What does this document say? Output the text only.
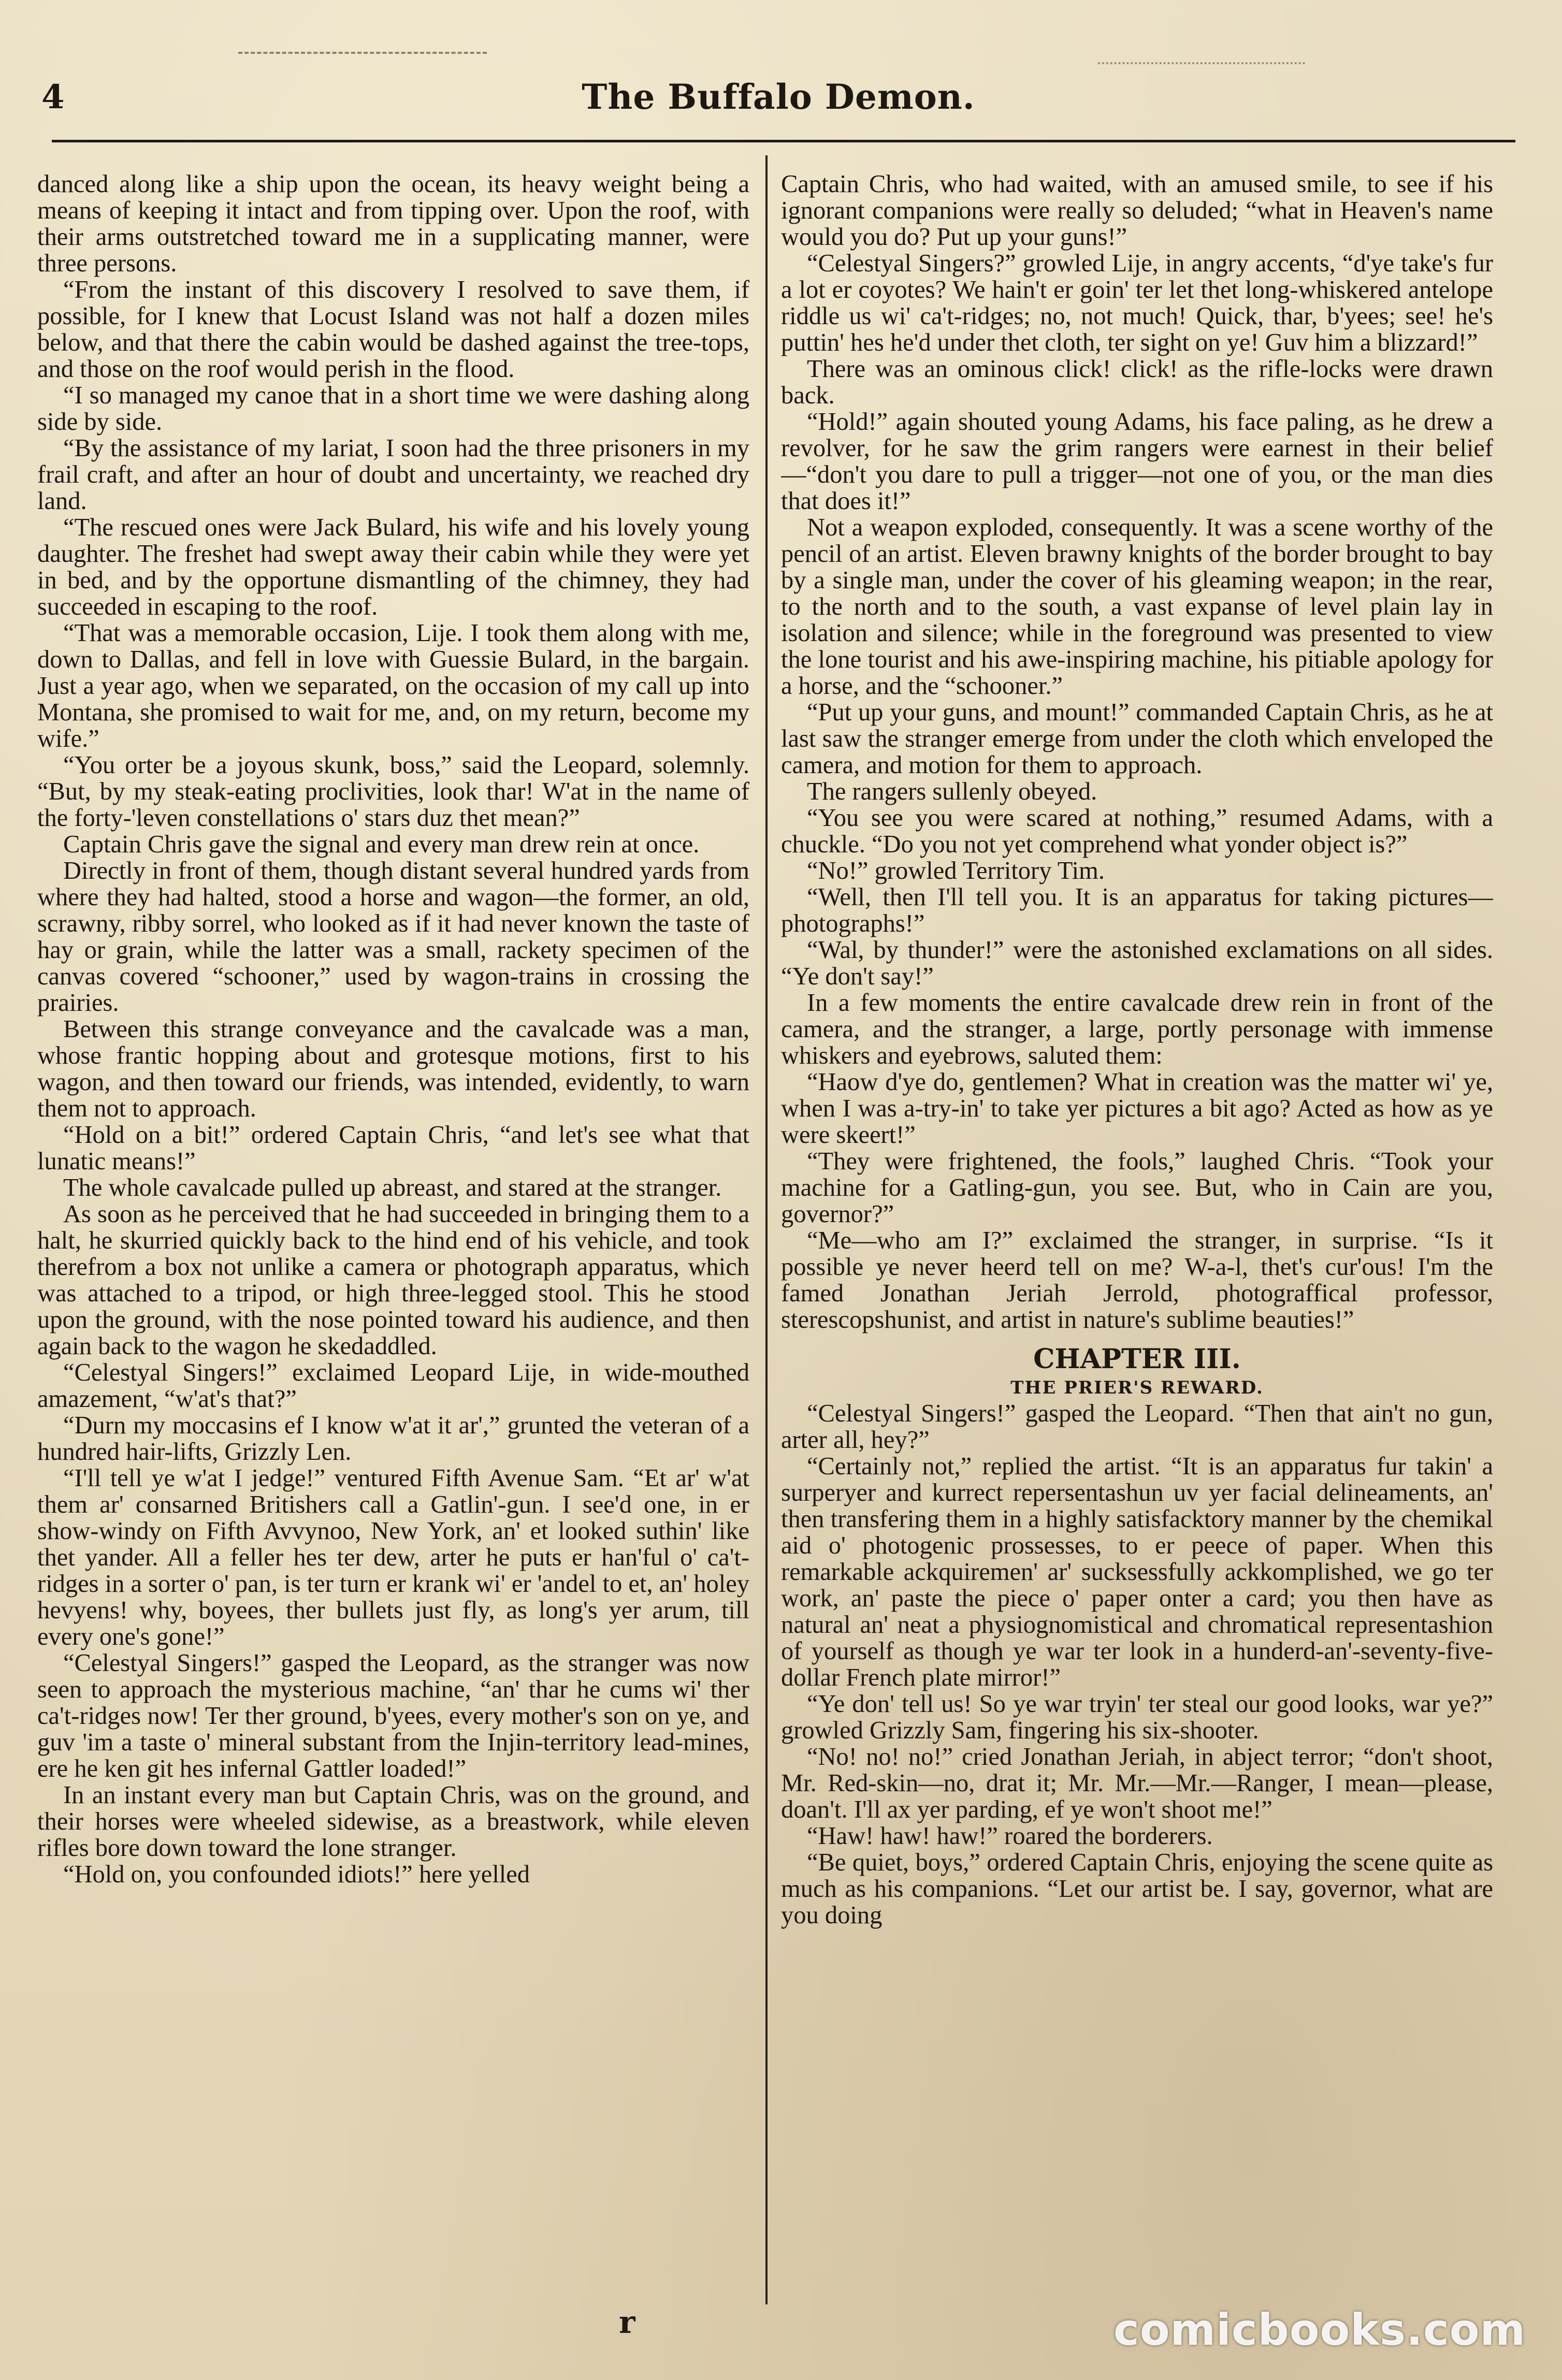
4	The Buffalo Demon.

danced along like a ship upon the ocean, its heavy weight being a means of keeping it intact and from tipping over. Upon the roof, with their arms outstretched toward me in a supplicating manner, were three persons.

“From the instant of this discovery I resolved to save them, if possible, for I knew that Locust Island was not half a dozen miles below, and that there the cabin would be dashed against the tree-tops, and those on the roof would perish in the flood.

“I so managed my canoe that in a short time we were dashing along side by side.

“By the assistance of my lariat, I soon had the three prisoners in my frail craft, and after an hour of doubt and uncertainty, we reached dry land.

“The rescued ones were Jack Bulard, his wife and his lovely young daughter. The freshet had swept away their cabin while they were yet in bed, and by the opportune dismantling of the chimney, they had succeeded in escaping to the roof.

“That was a memorable occasion, Lije. I took them along with me, down to Dallas, and fell in love with Guessie Bulard, in the bargain. Just a year ago, when we separated, on the occasion of my call up into Montana, she promised to wait for me, and, on my return, become my wife.”

“You orter be a joyous skunk, boss,” said the Leopard, solemnly. “But, by my steak-eating proclivities, look thar! W'at in the name of the forty-'leven constellations o' stars duz thet mean?”

Captain Chris gave the signal and every man drew rein at once.

Directly in front of them, though distant several hundred yards from where they had halted, stood a horse and wagon—the former, an old, scrawny, ribby sorrel, who looked as if it had never known the taste of hay or grain, while the latter was a small, rackety specimen of the canvas covered “schooner,” used by wagon-trains in crossing the prairies.

Between this strange conveyance and the cavalcade was a man, whose frantic hopping about and grotesque motions, first to his wagon, and then toward our friends, was intended, evidently, to warn them not to approach.

“Hold on a bit!” ordered Captain Chris, “and let's see what that lunatic means!”

The whole cavalcade pulled up abreast, and stared at the stranger.

As soon as he perceived that he had succeeded in bringing them to a halt, he skurried quickly back to the hind end of his vehicle, and took therefrom a box not unlike a camera or photograph apparatus, which was attached to a tripod, or high three-legged stool. This he stood upon the ground, with the nose pointed toward his audience, and then again back to the wagon he skedaddled.

“Celestyal Singers!” exclaimed Leopard Lije, in wide-mouthed amazement, “w'at's that?”

“Durn my moccasins ef I know w'at it ar',” grunted the veteran of a hundred hair-lifts, Grizzly Len.

“I'll tell ye w'at I jedge!” ventured Fifth Avenue Sam. “Et ar' w'at them ar' consarned Britishers call a Gatlin'-gun. I see'd one, in er show-windy on Fifth Avvynoo, New York, an' et looked suthin' like thet yander. All a feller hes ter dew, arter he puts er han'ful o' ca't-ridges in a sorter o' pan, is ter turn er krank wi' er 'andel to et, an' holey hevyens! why, boyees, ther bullets just fly, as long's yer arum, till every one's gone!”

“Celestyal Singers!” gasped the Leopard, as the stranger was now seen to approach the mysterious machine, “an' thar he cums wi' ther ca't-ridges now! Ter ther ground, b'yees, every mother's son on ye, and guv 'im a taste o' mineral substant from the Injin-territory lead-mines, ere he ken git hes infernal Gattler loaded!”

In an instant every man but Captain Chris, was on the ground, and their horses were wheeled sidewise, as a breastwork, while eleven rifles bore down toward the lone stranger.

“Hold on, you confounded idiots!” here yelled

Captain Chris, who had waited, with an amused smile, to see if his ignorant companions were really so deluded; “what in Heaven's name would you do? Put up your guns!”

“Celestyal Singers?” growled Lije, in angry accents, “d'ye take's fur a lot er coyotes? We hain't er goin' ter let thet long-whiskered antelope riddle us wi' ca't-ridges; no, not much! Quick, thar, b'yees; see! he's puttin' hes he'd under thet cloth, ter sight on ye! Guv him a blizzard!”

There was an ominous click! click! as the rifle-locks were drawn back.

“Hold!” again shouted young Adams, his face paling, as he drew a revolver, for he saw the grim rangers were earnest in their belief—“don't you dare to pull a trigger—not one of you, or the man dies that does it!”

Not a weapon exploded, consequently. It was a scene worthy of the pencil of an artist. Eleven brawny knights of the border brought to bay by a single man, under the cover of his gleaming weapon; in the rear, to the north and to the south, a vast expanse of level plain lay in isolation and silence; while in the foreground was presented to view the lone tourist and his awe-inspiring machine, his pitiable apology for a horse, and the “schooner.”

“Put up your guns, and mount!” commanded Captain Chris, as he at last saw the stranger emerge from under the cloth which enveloped the camera, and motion for them to approach.

The rangers sullenly obeyed.

“You see you were scared at nothing,” resumed Adams, with a chuckle. “Do you not yet comprehend what yonder object is?”

“No!” growled Territory Tim.

“Well, then I'll tell you. It is an apparatus for taking pictures—photographs!”

“Wal, by thunder!” were the astonished exclamations on all sides. “Ye don't say!”

In a few moments the entire cavalcade drew rein in front of the camera, and the stranger, a large, portly personage with immense whiskers and eyebrows, saluted them:

“Haow d'ye do, gentlemen? What in creation was the matter wi' ye, when I was a-try-in' to take yer pictures a bit ago? Acted as how as ye were skeert!”

“They were frightened, the fools,” laughed Chris. “Took your machine for a Gatling-gun, you see. But, who in Cain are you, governor?”

“Me—who am I?” exclaimed the stranger, in surprise. “Is it possible ye never heerd tell on me? W-a-l, thet's cur'ous! I'm the famed Jonathan Jeriah Jerrold, photograffical professor, sterescopshunist, and artist in nature's sublime beauties!”

CHAPTER III.
THE PRIER'S REWARD.

“Celestyal Singers!” gasped the Leopard. “Then that ain't no gun, arter all, hey?”

“Certainly not,” replied the artist. “It is an apparatus fur takin' a surperyer and kurrect repersentashun uv yer facial delineaments, an' then transfering them in a highly satisfacktory manner by the chemikal aid o' photogenic prossesses, to er peece of paper. When this remarkable ackquiremen' ar' sucksessfully ackkomplished, we go ter work, an' paste the piece o' paper onter a card; you then have as natural an' neat a physiognomistical and chromatical representashion of yourself as though ye war ter look in a hunderd-an'-seventy-five-dollar French plate mirror!”

“Ye don' tell us! So ye war tryin' ter steal our good looks, war ye?” growled Grizzly Sam, fingering his six-shooter.

“No! no! no!” cried Jonathan Jeriah, in abject terror; “don't shoot, Mr. Red-skin—no, drat it; Mr. Mr.—Mr.—Ranger, I mean—please, doan't. I'll ax yer parding, ef ye won't shoot me!”

“Haw! haw! haw!” roared the borderers.

“Be quiet, boys,” ordered Captain Chris, enjoying the scene quite as much as his companions. “Let our artist be. I say, governor, what are you doing

r	comicbooks.com
